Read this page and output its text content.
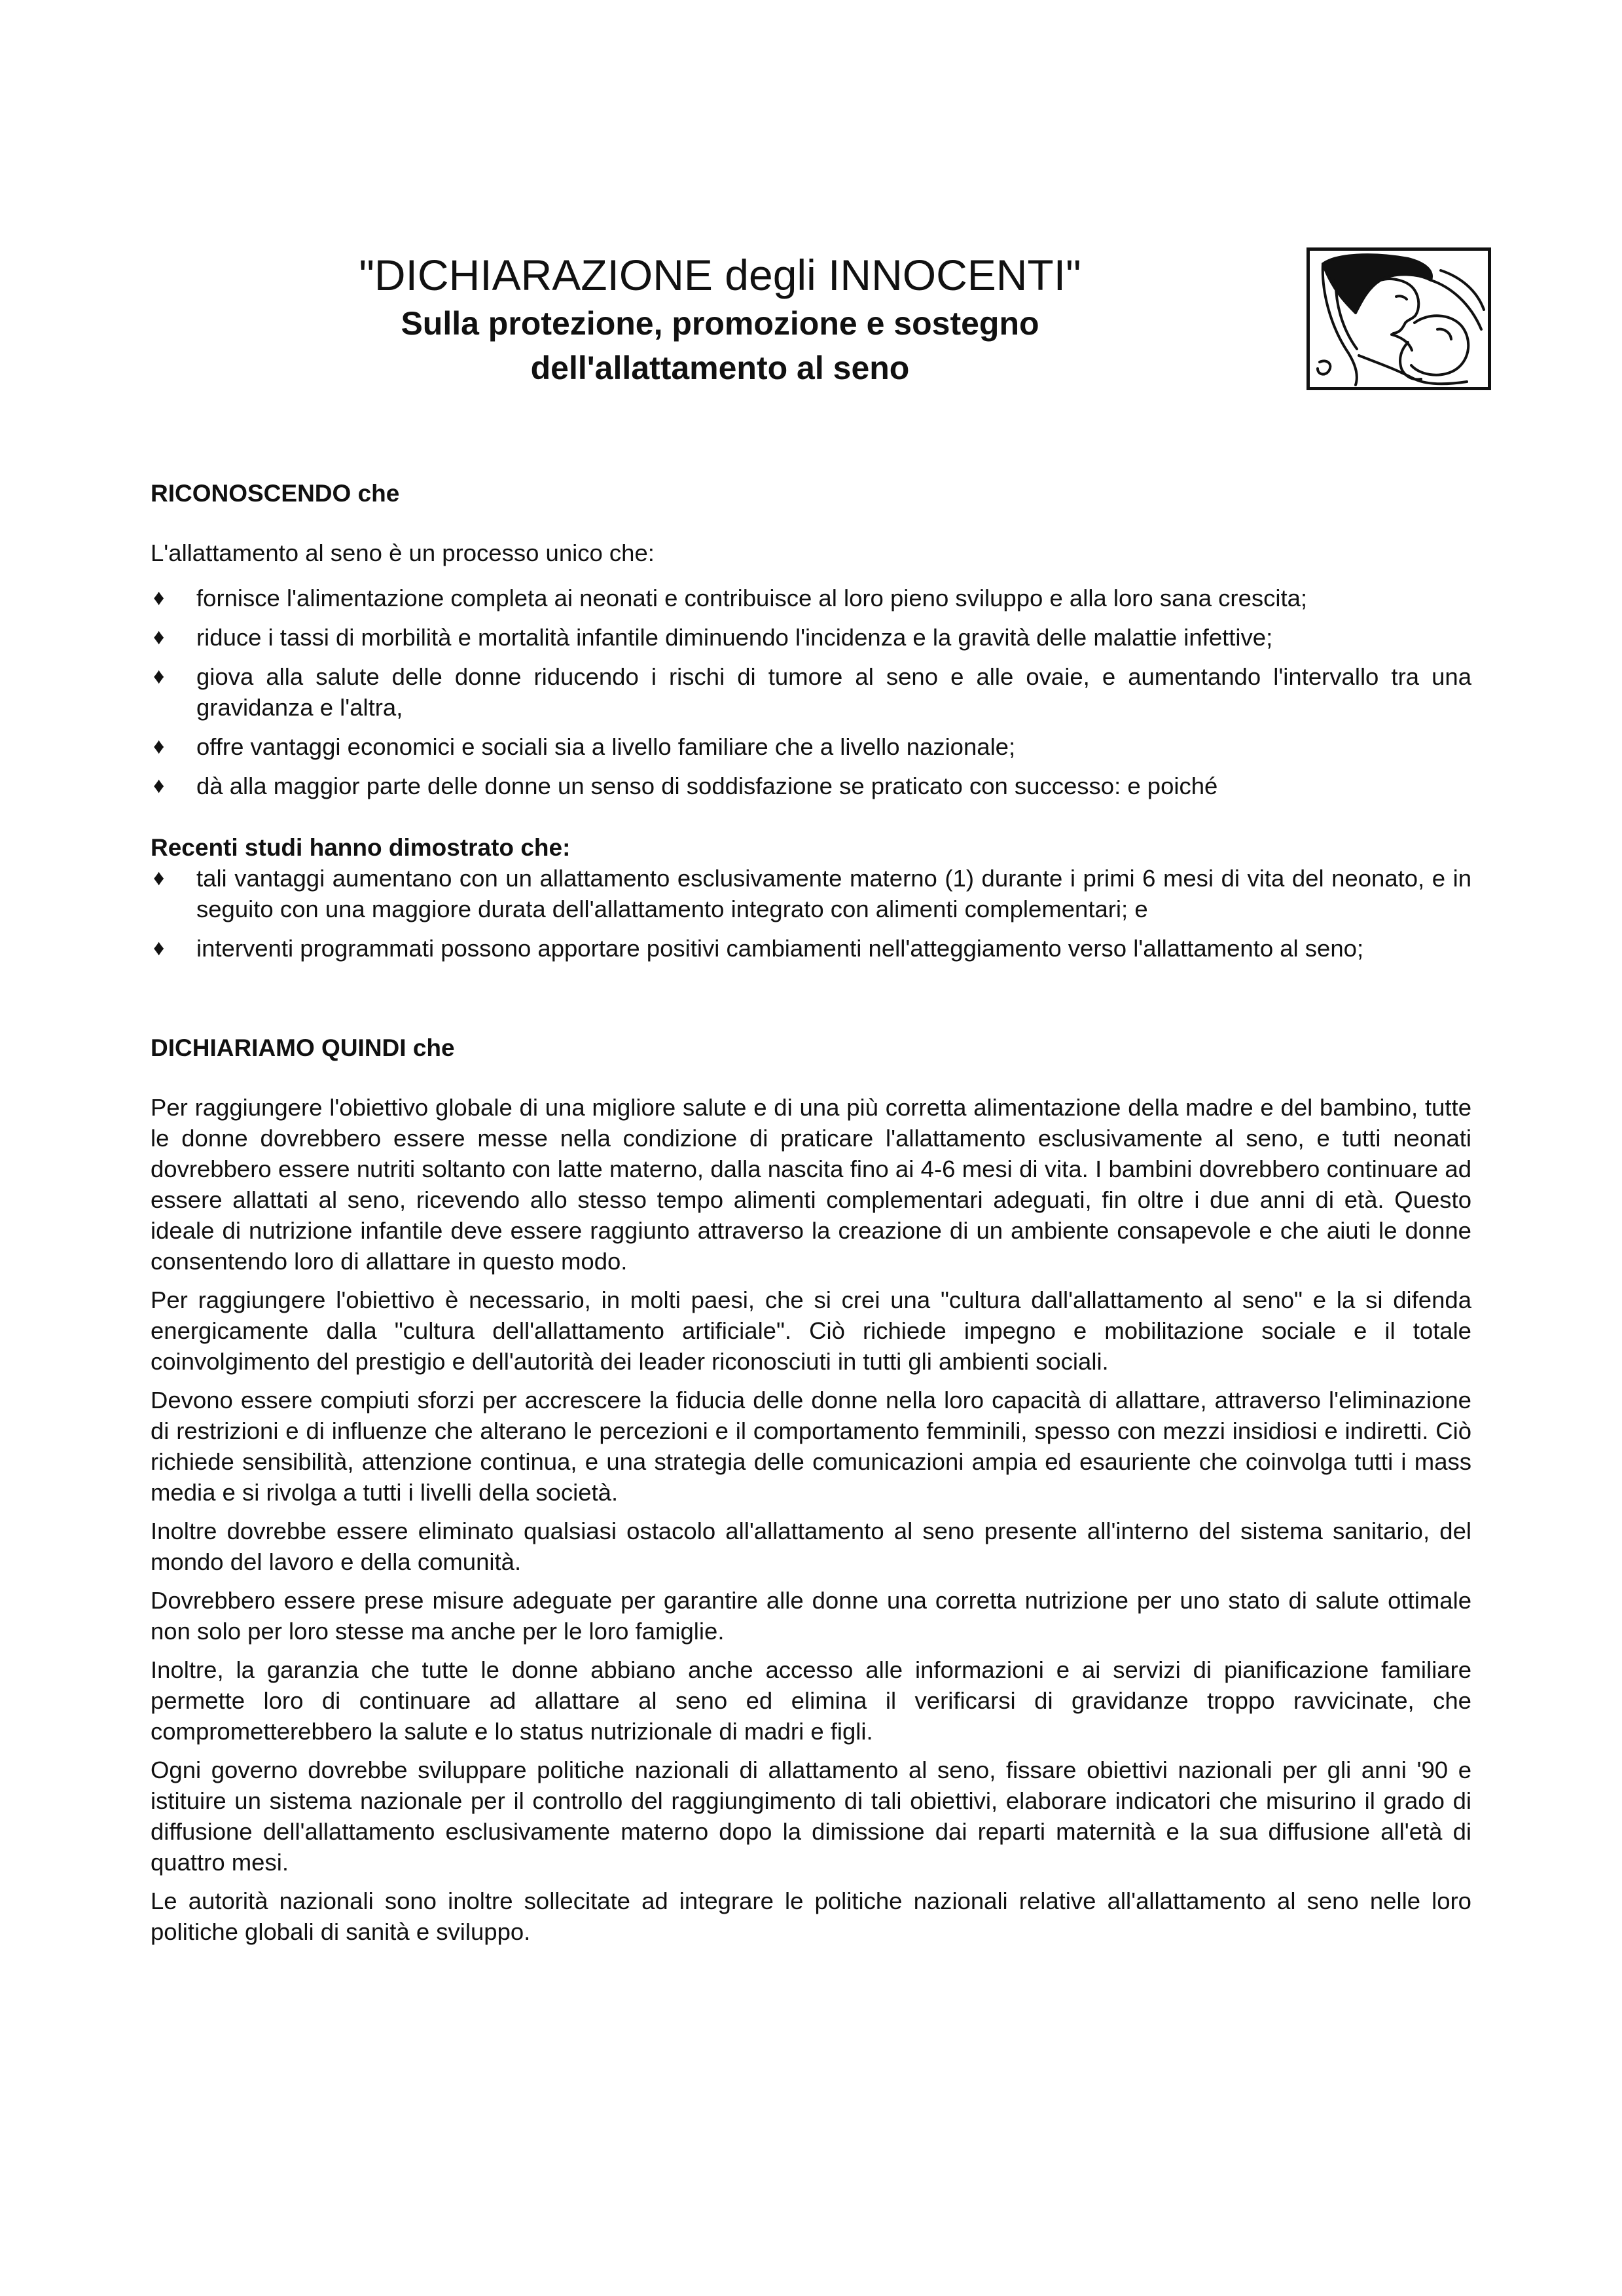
"DICHIARAZIONE degli INNOCENTI"

Sulla protezione, promozione e sostegno

dell'allattamento al seno

RICONOSCENDO che

L'allattamento al seno è un processo unico che:

♦ fornisce l'alimentazione completa ai neonati e contribuisce al loro pieno sviluppo e alla loro sana crescita;
♦ riduce i tassi di morbilità e mortalità infantile diminuendo l'incidenza e la gravità delle malattie infettive;
♦ giova alla salute delle donne riducendo i rischi di tumore al seno e alle ovaie, e aumentando l'intervallo tra una gravidanza e l'altra,
♦ offre vantaggi economici e sociali sia a livello familiare che a livello nazionale;
♦ dà alla maggior parte delle donne un senso di soddisfazione se praticato con successo: e poiché

Recenti studi hanno dimostrato che:

♦ tali vantaggi aumentano con un allattamento esclusivamente materno (1) durante i primi 6 mesi di vita del neonato, e in seguito con una maggiore durata dell'allattamento integrato con alimenti complementari; e
♦ interventi programmati possono apportare positivi cambiamenti nell'atteggiamento verso l'allattamento al seno;

DICHIARIAMO QUINDI che

Per raggiungere l'obiettivo globale di una migliore salute e di una più corretta alimentazione della madre e del bambino, tutte le donne dovrebbero essere messe nella condizione di praticare l'allattamento esclusivamente al seno, e tutti neonati dovrebbero essere nutriti soltanto con latte materno, dalla nascita fino ai 4-6 mesi di vita. I bambini dovrebbero continuare ad essere allattati al seno, ricevendo allo stesso tempo alimenti complementari adeguati, fin oltre i due anni di età. Questo ideale di nutrizione infantile deve essere raggiunto attraverso la creazione di un ambiente consapevole e che aiuti le donne consentendo loro di allattare in questo modo.

Per raggiungere l'obiettivo è necessario, in molti paesi, che si crei una "cultura dall'allattamento al seno" e la si difenda energicamente dalla "cultura dell'allattamento artificiale". Ciò richiede impegno e mobilitazione sociale e il totale coinvolgimento del prestigio e dell'autorità dei leader riconosciuti in tutti gli ambienti sociali.

Devono essere compiuti sforzi per accrescere la fiducia delle donne nella loro capacità di allattare, attraverso l'eliminazione di restrizioni e di influenze che alterano le percezioni e il comportamento femminili, spesso con mezzi insidiosi e indiretti. Ciò richiede sensibilità, attenzione continua, e una strategia delle comunicazioni ampia ed esauriente che coinvolga tutti i mass media e si rivolga a tutti i livelli della società.

Inoltre dovrebbe essere eliminato qualsiasi ostacolo all'allattamento al seno presente all'interno del sistema sanitario, del mondo del lavoro e della comunità.

Dovrebbero essere prese misure adeguate per garantire alle donne una corretta nutrizione per uno stato di salute ottimale non solo per loro stesse ma anche per le loro famiglie.

Inoltre, la garanzia che tutte le donne abbiano anche accesso alle informazioni e ai servizi di pianificazione familiare permette loro di continuare ad allattare al seno ed elimina il verificarsi di gravidanze troppo ravvicinate, che comprometterebbero la salute e lo status nutrizionale di madri e figli.

Ogni governo dovrebbe sviluppare politiche nazionali di allattamento al seno, fissare obiettivi nazionali per gli anni '90 e istituire un sistema nazionale per il controllo del raggiungimento di tali obiettivi, elaborare indicatori che misurino il grado di diffusione dell'allattamento esclusivamente materno dopo la dimissione dai reparti maternità e la sua diffusione all'età di quattro mesi.

Le autorità nazionali sono inoltre sollecitate ad integrare le politiche nazionali relative all'allattamento al seno nelle loro politiche globali di sanità e sviluppo.
